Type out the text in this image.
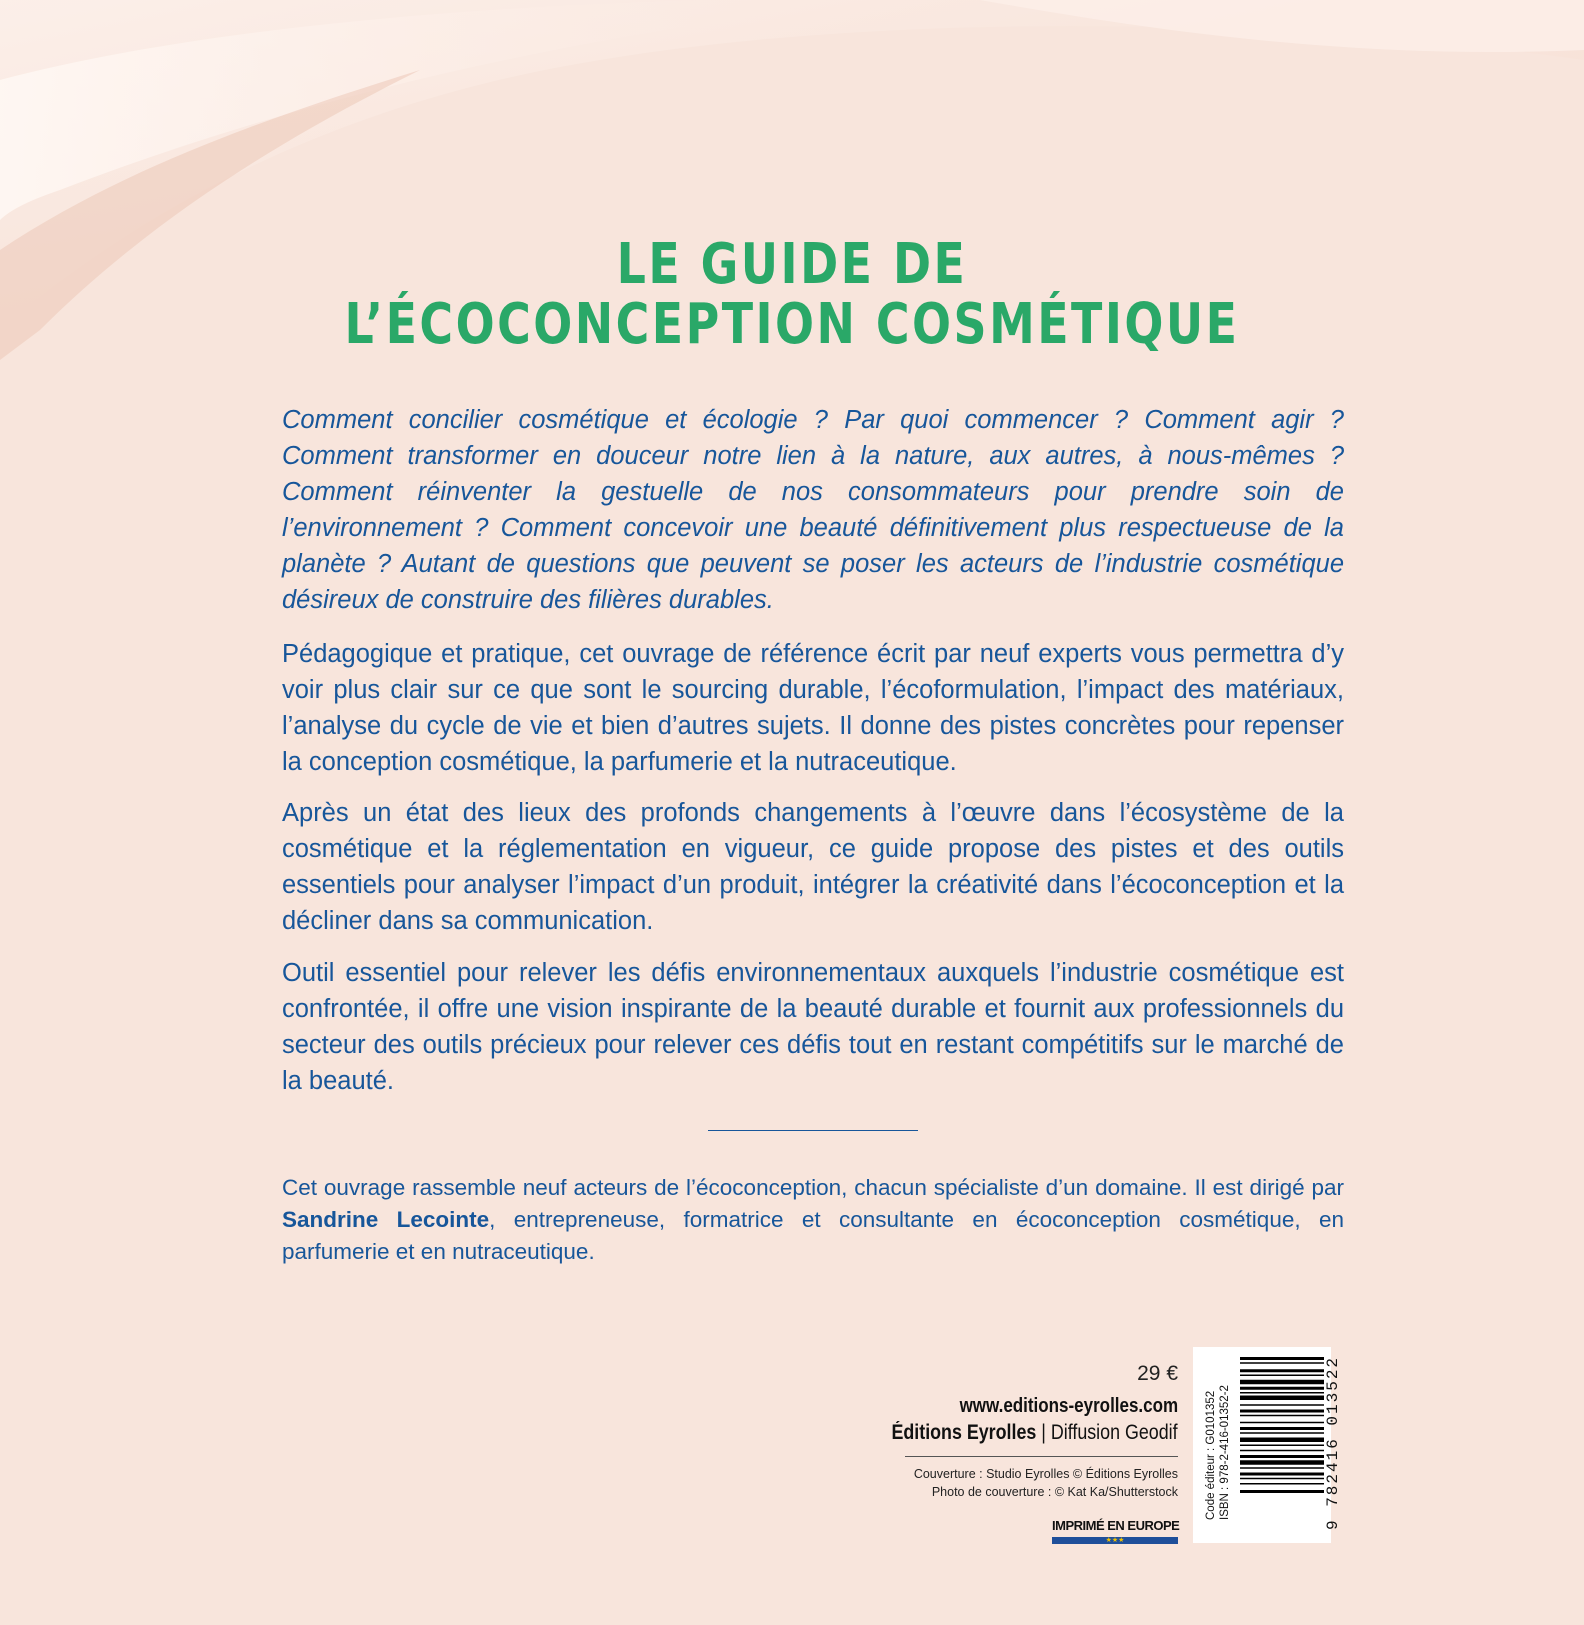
LE GUIDE DE
L’ÉCOCONCEPTION COSMÉTIQUE
Comment concilier cosmétique et écologie ? Par quoi commencer ? Comment agir ? Comment transformer en douceur notre lien à la nature, aux autres, à nous-mêmes ? Comment réinventer la gestuelle de nos consommateurs pour prendre soin de l’environnement ? Comment concevoir une beauté définitivement plus respectueuse de la planète ? Autant de questions que peuvent se poser les acteurs de l’industrie cosmétique désireux de construire des filières durables.
Pédagogique et pratique, cet ouvrage de référence écrit par neuf experts vous permettra d’y voir plus clair sur ce que sont le sourcing durable, l’écoformulation, l’impact des matériaux, l’analyse du cycle de vie et bien d’autres sujets. Il donne des pistes concrètes pour repenser la conception cosmétique, la parfumerie et la nutraceutique.
Après un état des lieux des profonds changements à l’œuvre dans l’écosystème de la cosmétique et la réglementation en vigueur, ce guide propose des pistes et des outils essentiels pour analyser l’impact d’un produit, intégrer la créativité dans l’écoconception et la décliner dans sa communication.
Outil essentiel pour relever les défis environnementaux auxquels l’industrie cosmétique est confrontée, il offre une vision inspirante de la beauté durable et fournit aux professionnels du secteur des outils précieux pour relever ces défis tout en restant compétitifs sur le marché de la beauté.
Cet ouvrage rassemble neuf acteurs de l’écoconception, chacun spécialiste d’un domaine. Il est dirigé par Sandrine Lecointe, entrepreneuse, formatrice et consultante en écoconception cosmétique, en parfumerie et en nutraceutique.
29 €
www.editions-eyrolles.com
Éditions Eyrolles | Diffusion Geodif
Couverture : Studio Eyrolles © Éditions Eyrolles
Photo de couverture : © Kat Ka/Shutterstock
IMPRIMÉ EN EUROPE
★★★
Code éditeur : G0101352 ISBN : 978-2-416-01352-2	9 782416 013522
